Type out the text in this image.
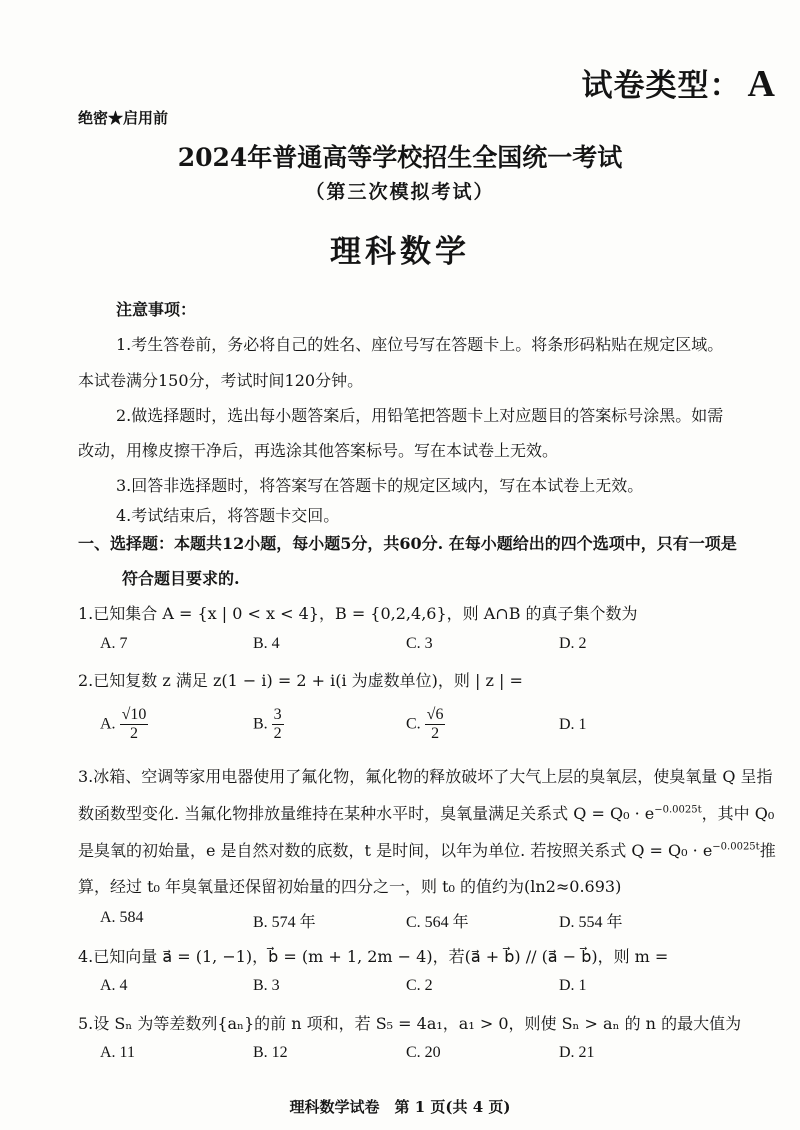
试卷类型： A
绝密★启用前
2024年普通高等学校招生全国统一考试
（第三次模拟考试）
理科数学
注意事项：
1.考生答卷前，务必将自己的姓名、座位号写在答题卡上。将条形码粘贴在规定区域。
本试卷满分150分，考试时间120分钟。
2.做选择题时，选出每小题答案后，用铅笔把答题卡上对应题目的答案标号涂黑。如需
改动，用橡皮擦干净后，再选涂其他答案标号。写在本试卷上无效。
3.回答非选择题时，将答案写在答题卡的规定区域内，写在本试卷上无效。
4.考试结束后，将答题卡交回。
一、选择题：本题共12小题，每小题5分，共60分. 在每小题给出的四个选项中，只有一项是
符合题目要求的.
1.已知集合 A = {x | 0 < x < 4}，B = {0,2,4,6}，则 A∩B 的真子集个数为
A. 7	B. 4	C. 3	D. 2
2.已知复数 z 满足 z(1 − i) = 2 + i(i 为虚数单位)，则 | z | =
A. $\frac{√10}{2}$	B. $\frac{3}{2}$	C. $\frac{√6}{2}$	D. 1
3.冰箱、空调等家用电器使用了氟化物，氟化物的释放破坏了大气上层的臭氧层，使臭氧量 Q 呈指
数函数型变化. 当氟化物排放量维持在某种水平时，臭氧量满足关系式 $Q = Q_0 \cdot e^{-0.0025t}$，其中 Q₀
是臭氧的初始量，e 是自然对数的底数，t 是时间，以年为单位. 若按照关系式 $Q = Q_0 \cdot e^{-0.0025t}$推
算，经过 t₀ 年臭氧量还保留初始量的四分之一，则 t₀ 的值约为(ln2≈0.693)
A. 584	B. 574 年	C. 564 年	D. 554 年
4.已知向量 a⃗ = (1, −1)，b⃗ = (m + 1, 2m − 4)，若(a⃗ + b⃗) // (a⃗ − b⃗)，则 m =
A. 4	B. 3	C. 2	D. 1
5.设 Sₙ 为等差数列{aₙ}的前 n 项和，若 S₅ = 4a₁，a₁ > 0，则使 Sₙ > aₙ 的 n 的最大值为
A. 11	B. 12	C. 20	D. 21
理科数学试卷　第 1 页(共 4 页)
